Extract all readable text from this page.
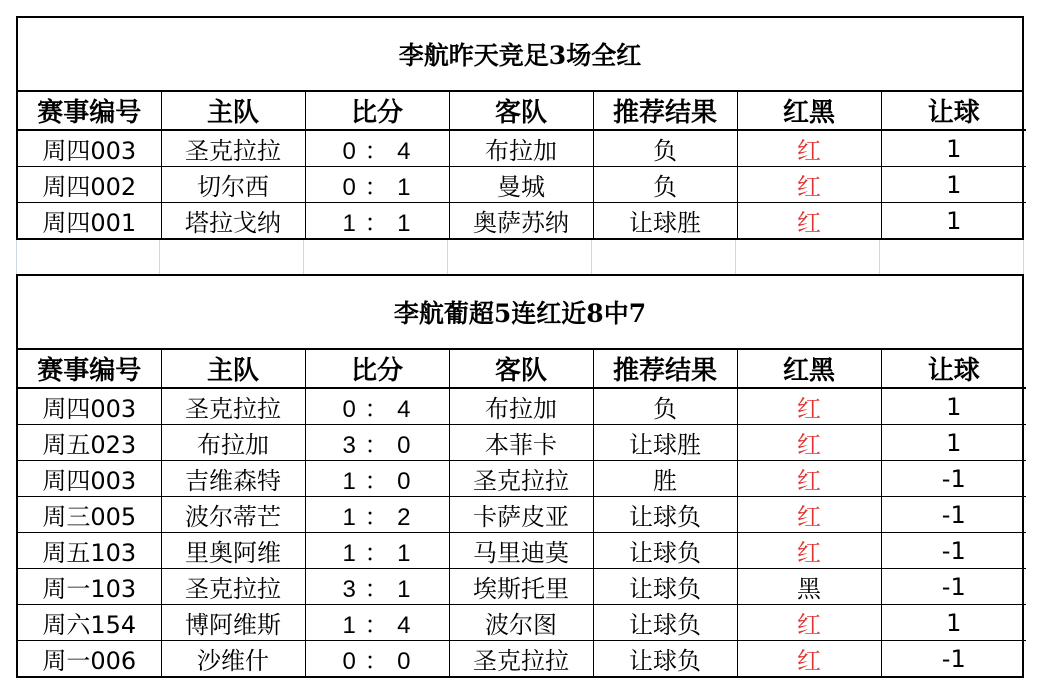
李航昨天竞足3场全红
赛事编号	主队	比分	客队	推荐结果	红黑	让球
周四003	圣克拉拉	0 ： 4	布拉加	负	红	1
周四002	切尔西	0 ： 1	曼城	负	红	1
周四001	塔拉戈纳	1 ： 1	奥萨苏纳	让球胜	红	1
李航葡超5连红近8中7
赛事编号	主队	比分	客队	推荐结果	红黑	让球
周四003	圣克拉拉	0 ： 4	布拉加	负	红	1
周五023	布拉加	3 ： 0	本菲卡	让球胜	红	1
周四003	吉维森特	1 ： 0	圣克拉拉	胜	红	-1
周三005	波尔蒂芒	1 ： 2	卡萨皮亚	让球负	红	-1
周五103	里奥阿维	1 ： 1	马里迪莫	让球负	红	-1
周一103	圣克拉拉	3 ： 1	埃斯托里	让球负	黑	-1
周六154	博阿维斯	1 ： 4	波尔图	让球负	红	1
周一006	沙维什	0 ： 0	圣克拉拉	让球负	红	-1
